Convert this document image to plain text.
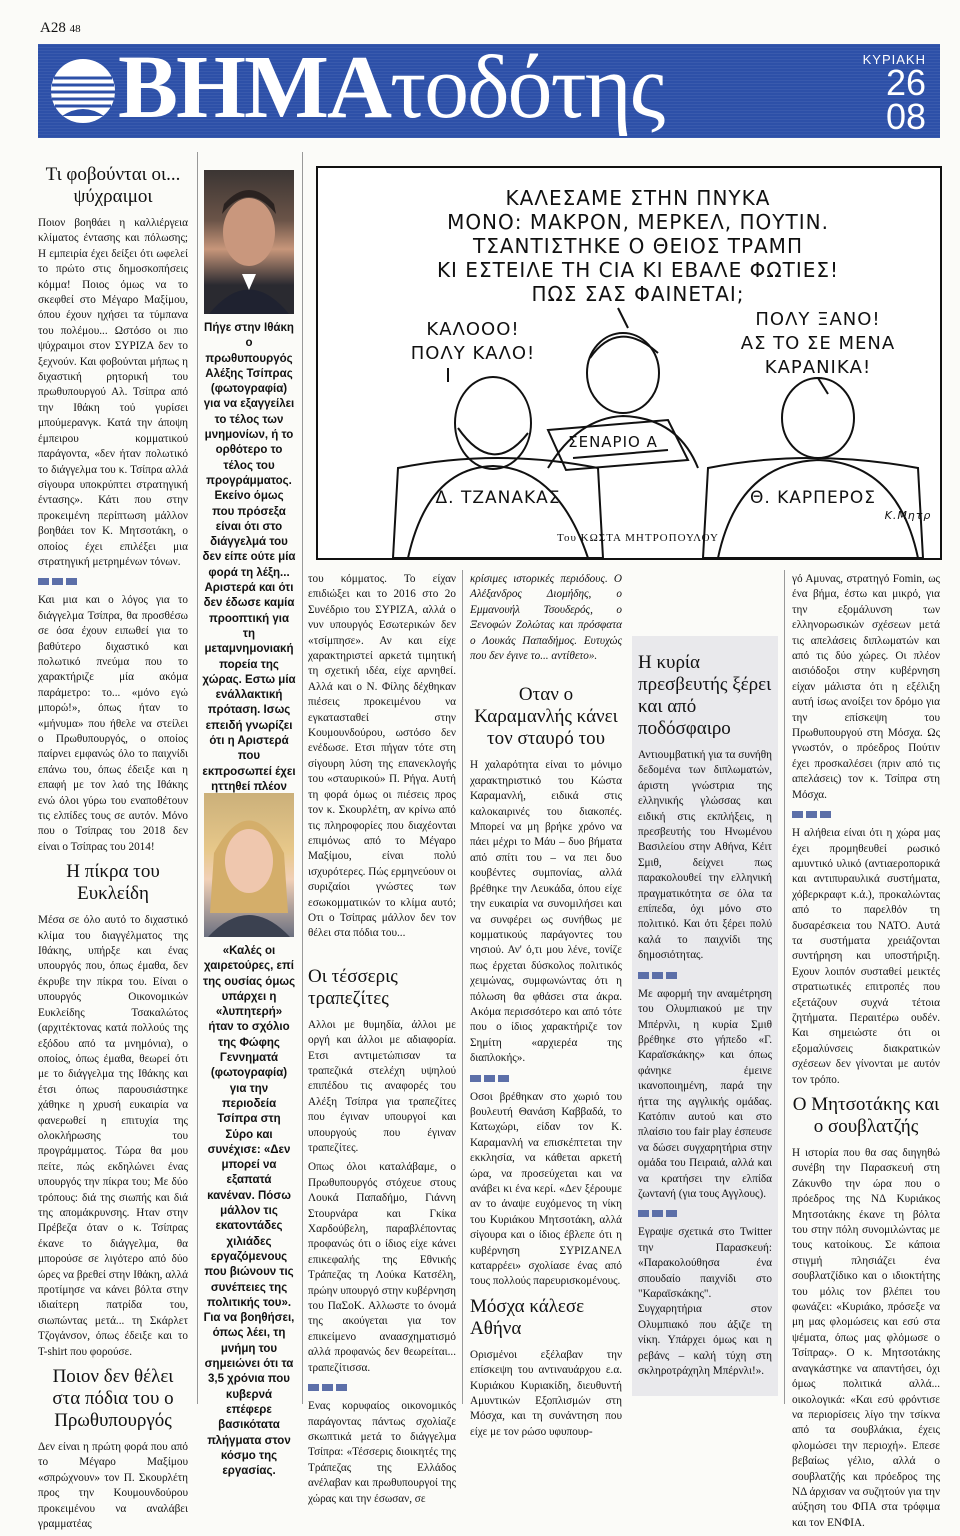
A28 48
ΒΗΜΑτοδότης	ΚΥΡΙΑΚΗ
26
08
Τι φοβούνται οι... ψύχραιμοι

Ποιον βοηθάει η καλλιέργεια κλίματος έντασης και πόλωσης; Η εμπειρία έχει δείξει ότι ωφελεί το πρώτο στις δημοσκοπήσεις κόμμα! Ποιος όμως να το σκεφθεί στο Μέγαρο Μαξίμου, όπου έχουν ηχήσει τα τύμπανα του πολέμου... Ωστόσο οι πιο ψύχραιμοι στον ΣΥΡΙΖΑ δεν το ξεχνούν. Και φοβούνται μήπως η διχαστική ρητορική του πρωθυπουργού Αλ. Τσίπρα από την Ιθάκη τού γυρίσει μπούμερανγκ. Κατά την άποψη έμπειρου κομματικού παράγοντα, «δεν ήταν πολωτικό το διάγγελμα του κ. Τσίπρα αλλά σίγουρα υποκρύπτει στρατηγική έντασης». Κάτι που στην προκειμένη περίπτωση μάλλον βοηθάει τον Κ. Μητσοτάκη, ο οποίος έχει επιλέξει μια στρατηγική μετρημένων τόνων.

Και μια και ο λόγος για το διάγγελμα Τσίπρα, θα προσθέσω σε όσα έχουν ειπωθεί για το βαθύτερο διχαστικό και πολωτικό πνεύμα που το χαρακτήριζε μία ακόμα παράμετρο: το... «μόνο εγώ μπορώ!», όπως ήταν το «μήνυμα» που ήθελε να στείλει ο Πρωθυπουργός, ο οποίος παίρνει εμφανώς όλο το παιχνίδι επάνω του, όπως έδειξε και η επαφή με τον λαό της Ιθάκης ενώ όλοι γύρω του εναποθέτουν τις ελπίδες τους σε αυτόν. Μόνο που ο Τσίπρας του 2018 δεν είναι ο Τσίπρας του 2014!

Η πίκρα του Ευκλείδη

Μέσα σε όλο αυτό το διχαστικό κλίμα του διαγγέλματος της Ιθάκης, υπήρξε και ένας υπουργός που, όπως έμαθα, δεν έκρυβε την πίκρα του. Είναι ο υπουργός Οικονομικών Ευκλείδης Τσακαλώτος (αρχιτέκτονας κατά πολλούς της εξόδου από τα μνημόνια), ο οποίος, όπως έμαθα, θεωρεί ότι με το διάγγελμα της Ιθάκης και έτσι όπως παρουσιάστηκε χάθηκε η χρυσή ευκαιρία να φανερωθεί η επιτυχία της ολοκλήρωσης του προγράμματος. Τώρα θα μου πείτε, πώς εκδηλώνει ένας υπουργός την πίκρα του; Με δύο τρόπους: διά της σιωπής και διά της απομάκρυνσης. Ηταν στην Πρέβεζα όταν ο κ. Τσίπρας έκανε το διάγγελμα, θα μπορούσε σε λιγότερο από δύο ώρες να βρεθεί στην Ιθάκη, αλλά προτίμησε να κάνει βόλτα στην ιδιαίτερη πατρίδα του, σιωπώντας μετά... τη Σκάρλετ Τζογάνσον, όπως έδειξε και το T-shirt που φορούσε.

Ποιον δεν θέλει στα πόδια του ο Πρωθυπουργός

Δεν είναι η πρώτη φορά που από το Μέγαρο Μαξίμου «σπρώχνουν» τον Π. Σκουρλέτη προς την Κουμουνδούρου προκειμένου να αναλάβει γραμματέας

Πήγε στην Ιθάκη ο πρωθυπουργός Αλέξης Τσίπρας (φωτογραφία) για να εξαγγείλει το τέλος των μνημονίων, ή το ορθότερο το τέλος του προγράμματος. Εκείνο όμως που πρόσεξα είναι ότι στο διάγγελμά του δεν είπε ούτε μία φορά τη λέξη... Αριστερά και ότι δεν έδωσε καμία προοπτική για τη μεταμνημονιακή πορεία της χώρας. Εστω μία ενάλλακτική πρόταση. Ισως επειδή γνωρίζει ότι η Αριστερά που εκπροσωπεί έχει ηττηθεί πλέον
«Καλές οι χαιρετούρες, επί της ουσίας όμως υπάρχει η «λυπητερή» ήταν το σχόλιο της Φώφης Γεννηματά (φωτογραφία) για την περιοδεία Τσίπρα στη Σύρο και συνέχισε: «Δεν μπορεί να εξαπατά κανέναν. Πόσω μάλλον τις εκατοντάδες χιλιάδες εργαζόμενους που βιώνουν τις συνέπειες της πολιτικής του». Για να βοηθήσει, όπως λέει, τη μνήμη του σημειώνει ότι τα 3,5 χρόνια που κυβερνά επέφερε βασικότατα πλήγματα στον κόσμο της εργασίας.
ΚΑΛΕΣΑΜΕ ΣΤΗΝ ΠΝΥΚΑ
ΜΟΝΟ: ΜΑΚΡΟΝ, ΜΕΡΚΕΛ, ΠΟΥΤΙΝ.
ΤΣΑΝΤΙΣΤΗΚΕ Ο ΘΕΙΟΣ ΤΡΑΜΠ
ΚΙ ΕΣΤΕΙΛΕ ΤΗ CIA ΚΙ ΕΒΑΛΕ ΦΩΤΙΕΣ!
ΠΩΣ ΣΑΣ ΦΑΙΝΕΤΑΙ;
ΚΑΛΟΟΟ!
ΠΟΛΥ ΚΑΛΟ!
ΠΟΛΥ ΞΑΝΟ!
ΑΣ ΤΟ ΣΕ ΜΕΝΑ
ΚΑΡΑΝΙΚΑ!
ΣΕΝΑΡΙΟ Α
Δ. ΤΖΑΝΑΚΑΣ	Θ. ΚΑΡΠΕΡΟΣ
Κ.Μητρ
Του ΚΩΣΤΑ ΜΗΤΡΟΠΟΥΛΟΥ

του κόμματος. Το είχαν επιδιώξει και το 2016 στο 2ο Συνέδριο του ΣΥΡΙΖΑ, αλλά ο νυν υπουργός Εσωτερικών δεν «τσίμπησε». Αν και είχε χαρακτηριστεί αρκετά τιμητική τη σχετική ιδέα, είχε αρνηθεί. Αλλά και ο Ν. Φίλης δέχθηκαν πιέσεις προκειμένου να εγκατασταθεί στην Κουμουνδούρου, ωστόσο δεν ενέδωσε. Ετσι πήγαν τότε στη σίγουρη λύση της επανεκλογής του «σταυρικού» Π. Ρήγα. Αυτή τη φορά όμως οι πιέσεις προς τον κ. Σκουρλέτη, αν κρίνω από τις πληροφορίες που διαχέονται επιμόνως από το Μέγαρο Μαξίμου, είναι πολύ ισχυρότερες. Πώς ερμηνεύουν οι συριζαίοι γνώστες των εσωκομματικών το κλίμα αυτό; Οτι ο Τσίπρας μάλλον δεν τον θέλει στα πόδια του...

Οι τέσσερις τραπεζίτες

Αλλοι με θυμηδία, άλλοι με οργή και άλλοι με αδιαφορία. Ετσι αντιμετώπισαν τα τραπεζικά στελέχη υψηλού επιπέδου τις αναφορές του Αλέξη Τσίπρα για τραπεζίτες που έγιναν υπουργοί και υπουργούς που έγιναν τραπεζίτες.

Οπως όλοι καταλάβαμε, ο Πρωθυπουργός στόχευε στους Λουκά Παπαδήμο, Γιάννη Στουρνάρα και Γκίκα Χαρδούβελη, παραβλέποντας προφανώς ότι ο ίδιος είχε κάνει επικεφαλής της Εθνικής Τράπεζας τη Λούκα Κατσέλη, πρώην υπουργό στην κυβέρνηση του ΠαΣοΚ. Αλλωστε το όνομά της ακούγεται για τον επικείμενο αναασχηματισμό αλλά προφανώς δεν θεωρείται... τραπεζίτισσα.

Ενας κορυφαίος οικονομικός παράγοντας πάντως σχολίαζε σκωπτικά μετά το διάγγελμα Τσίπρα: «Τέσσερις διοικητές της Τράπεζας της Ελλάδος ανέλαβαν και πρωθυπουργοί της χώρας και την έσωσαν, σε

κρίσιμες ιστορικές περιόδους. Ο Αλέξανδρος Διομήδης, ο Εμμανουήλ Τσουδερός, ο Ξενοφών Ζολώτας και πρόσφατα ο Λουκάς Παπαδήμος. Ευτυχώς που δεν έγινε το... αντίθετο».

Οταν ο Καραμανλής κάνει τον σταυρό του

Η χαλαρότητα είναι το μόνιμο χαρακτηριστικό του Κώστα Καραμανλή, ειδικά στις καλοκαιρινές του διακοπές. Μπορεί να μη βρήκε χρόνο να πάει μέχρι το Μάυ – δυο βήματα από σπίτι του – να πει δυο κουβέντες συμπονίας, αλλά βρέθηκε την Λευκάδα, όπου είχε την ευκαιρία να συνομιλήσει και να συνφέρει ως συνήθως με κομματικούς παράγοντες του νησιού. Αν' ό,τι μου λένε, τονίζε πως έρχεται δύσκολος πολιτικός χειμώνας, συμφωνώντας ότι η πόλωση θα φθάσει στα άκρα. Ακόμα περισσότερο και από τότε που ο ίδιος χαρακτήριζε τον Σημίτη «αρχιερέα της διαπλοκής».

Οσοι βρέθηκαν στο χωριό του βουλευτή Θανάση Καββαδά, το Κατωχώρι, είδαν τον Κ. Καραμανλή να επισκέπτεται την εκκλησία, να κάθεται αρκετή ώρα, να προσεύχεται και να ανάβει κι ένα κερί. «Δεν ξέρουμε αν το άναψε ευχόμενος τη νίκη του Κυριάκου Μητσοτάκη, αλλά σίγουρα και ο ίδιος έβλεπε ότι η κυβέρνηση ΣΥΡΙΖΑΝΕΛ καταρρέει» σχολίασε ένας από τους πολλούς παρευρισκομένους.

Μόσχα κάλεσε Αθήνα

Ορισμένοι εξέλαβαν την επίσκεψη του αντιναυάρχου ε.α. Κυριάκου Κυριακίδη, διευθυντή Αμυντικών Εξοπλισμών στη Μόσχα, και τη συνάντηση που είχε με τον ρώσο υφυπουρ-

Η κυρία πρεσβευτής ξέρει και από ποδόσφαιρο

Αντιουμβατική για τα συνήθη δεδομένα των διπλωματών, άριστη γνώστρια της ελληνικής γλώσσας και ειδική στις εκπλήξεις, η πρεσβευτής του Ηνωμένου Βασιλείου στην Αθήνα, Κέιτ Σμιθ, δείχνει πως παρακολουθεί την ελληνική πραγματικότητα σε όλα τα επίπεδα, όχι μόνο στο πολιτικό. Και ότι ξέρει πολύ καλά το παιχνίδι της δημοσιότητας.

Με αφορμή την αναμέτρηση του Ολυμπιακού με την Μπέρνλι, η κυρία Σμιθ βρέθηκε στο γήπεδο «Γ. Καραϊσκάκης» και όπως φάνηκε έμεινε ικανοποιημένη, παρά την ήττα της αγγλικής ομάδας. Κατόπιν αυτού και στο πλαίσιο του fair play έσπευσε να δώσει συγχαρητήρια στην ομάδα του Πειραιά, αλλά και να κρατήσει την ελπίδα ζωντανή (για τους Αγγλους).

Εγραψε σχετικά στο Twitter την Παρασκευή: «Παρακολούθησα ένα σπουδαίο παιχνίδι στο "Καραϊσκάκης". Συγχαρητήρια στον Ολυμπιακό που άξιζε τη νίκη. Υπάρχει όμως και η ρεβάνς – καλή τύχη στη σκληροτράχηλη Μπέρνλι!».

γό Αμυνας, στρατηγό Fomin, ως ένα βήμα, έστω και μικρό, για την εξομάλυνση των ελληνορωσικών σχέσεων μετά τις απελάσεις διπλωματών και από τις δύο χώρες. Οι πλέον αισιόδοξοι στην κυβέρνηση είχαν μάλιστα ότι η εξέλιξη αυτή ίσως ανοίξει τον δρόμο για την επίσκεψη του Πρωθυπουργού στη Μόσχα. Ως γνωστόν, ο πρόεδρος Πούτιν έχει προσκαλέσει (πριν από τις απελάσεις) τον κ. Τσίπρα στη Μόσχα.

Η αλήθεια είναι ότι η χώρα μας έχει προμηθευθεί ρωσικό αμυντικό υλικό (αντιαεροπορικά και αντιπυραυλικά συστήματα, χόβερκραφτ κ.ά.), προκαλώντας από το παρελθόν τη δυσαρέσκεια του ΝΑΤΟ. Αυτά τα συστήματα χρειάζονται συντήρηση και υποστήριξη. Εχουν λοιπόν συσταθεί μεικτές στρατιωτικές επιτροπές που εξετάζουν συχνά τέτοια ζητήματα. Περαιτέρω ουδέν. Και σημειώστε ότι οι εξομαλύνσεις διακρατικών σχέσεων δεν γίνονται με αυτόν τον τρόπο.

Ο Μητσοτάκης και ο σουβλατζής

Η ιστορία που θα σας διηγηθώ συνέβη την Παρασκευή στη Ζάκυνθο την ώρα που ο πρόεδρος της ΝΔ Κυριάκος Μητσοτάκης έκανε τη βόλτα του στην πόλη συνομιλώντας με τους κατοίκους. Σε κάποια στιγμή πλησιάζει ένα σουβλατζίδικο και ο ιδιοκτήτης του μόλις τον βλέπει του φωνάζει: «Κυριάκο, πρόσεξε να μη μας φλομώσεις και εσύ στα ψέματα, όπως μας φλόμωσε ο Τσίπρας». Ο κ. Μητσοτάκης αναγκάστηκε να απαντήσει, όχι όμως πολιτικά αλλά... οικολογικά: «Και εσύ φρόντισε να περιορίσεις λίγο την τσίκνα από τα σουβλάκια, έχεις φλομώσει την περιοχή». Επεσε βεβαίως γέλιο, αλλά ο σουβλατζής και πρόεδρος της ΝΔ άρχισαν να συζητούν για την αύξηση του ΦΠΑ στα τρόφιμα και τον ΕΝΦΙΑ.
